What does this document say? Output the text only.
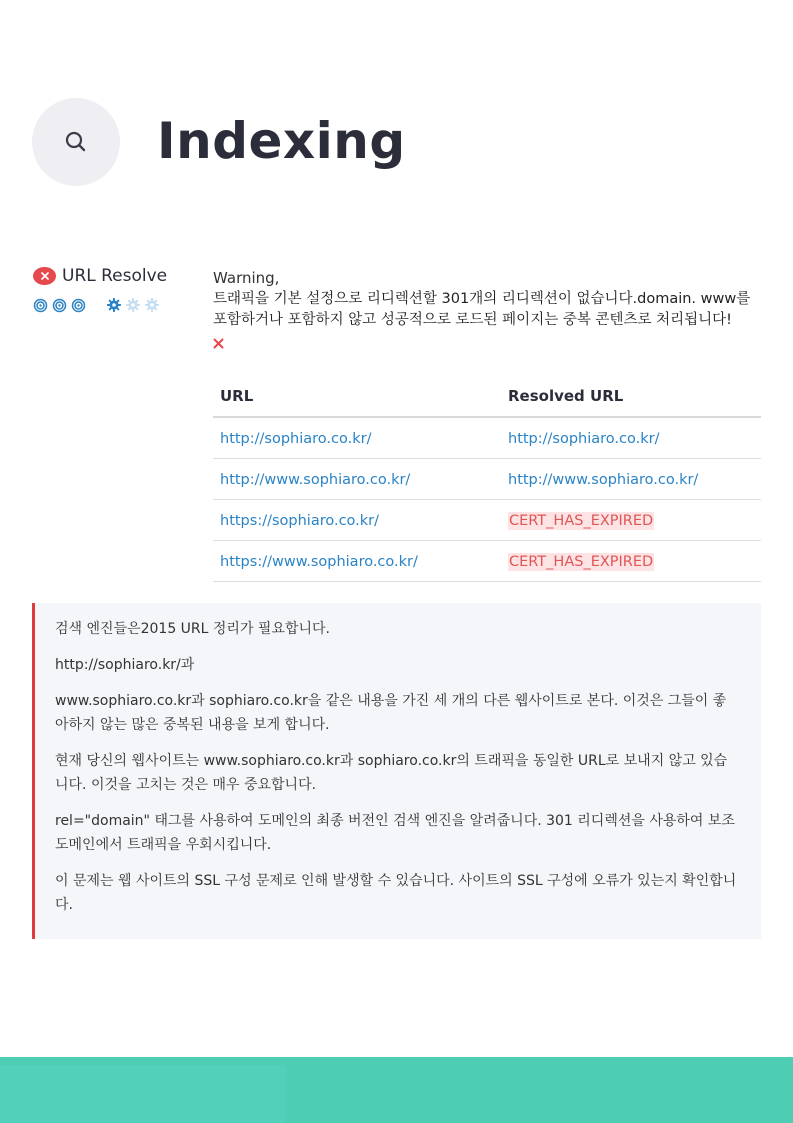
Indexing
URL Resolve	Warning,

트래픽을 기본 설정으로 리디렉션할 301개의 리디렉션이 없습니다.domain. www를 포함하거나 포함하지 않고 성공적으로 로드된 페이지는 중복 콘텐츠로 처리됩니다!

URL	Resolved URL
http://sophiaro.co.kr/	http://sophiaro.co.kr/
http://www.sophiaro.co.kr/	http://www.sophiaro.co.kr/
https://sophiaro.co.kr/	CERT_HAS_EXPIRED
https://www.sophiaro.co.kr/	CERT_HAS_EXPIRED

검색 엔진들은2015 URL 정리가 필요합니다.

http://sophiaro.kr/과

www.sophiaro.co.kr과 sophiaro.co.kr을 같은 내용을 가진 세 개의 다른 웹사이트로 본다. 이것은 그들이 좋아하지 않는 많은 중복된 내용을 보게 합니다.

현재 당신의 웹사이트는 www.sophiaro.co.kr과 sophiaro.co.kr의 트래픽을 동일한 URL로 보내지 않고 있습니다. 이것을 고치는 것은 매우 중요합니다.

rel="domain" 태그를 사용하여 도메인의 최종 버전인 검색 엔진을 알려줍니다. 301 리디렉션을 사용하여 보조 도메인에서 트래픽을 우회시킵니다.

이 문제는 웹 사이트의 SSL 구성 문제로 인해 발생할 수 있습니다. 사이트의 SSL 구성에 오류가 있는지 확인합니다.
